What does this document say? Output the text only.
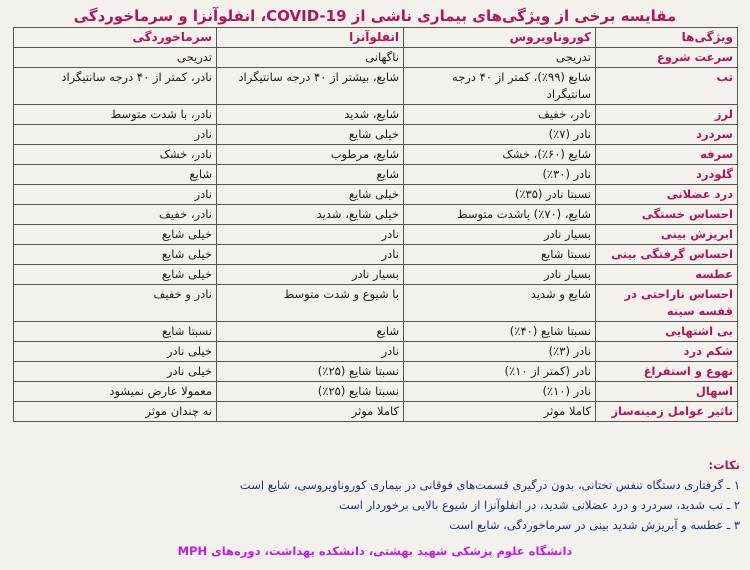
مقایسه برخی از ویژگی‌های بیماری ناشی از COVID-19، انفلوآنزا و سرماخوردگی
ویژگی‌ها	کوروناویروس	انفلوآنزا	سرماخوردگی
سرعت شروع	تدریجی	ناگهانی	تدریجی
تب	شایع (۹۹٪)، کمتر از ۴۰ درجه سانتیگراد	شایع، بیشتر از ۴۰ درجه سانتیگراد	نادر، کمتر از ۴۰ درجه سانتیگراد
لرز	نادر، خفیف	شایع، شدید	نادر، با شدت متوسط
سردرد	نادر (۷٪)	خیلی شایع	نادر
سرفه	شایع (۶۰٪)، خشک	شایع، مرطوب	نادر، خشک
گلودرد	نادر (۳۰٪)	شایع	شایع
درد عضلانی	نسبتا نادر (۳۵٪)	خیلی شایع	نادر
احساس خستگی	شایع، (۷۰٪) باشدت متوسط	خیلی شایع، شدید	نادر، خفیف
ابریزش بینی	بسیار نادر	نادر	خیلی شایع
احساس گرفتگی بینی	نسبتا شایع	نادر	خیلی شایع
عطسه	بسیار نادر	بسیار نادر	خیلی شایع
احساس ناراحتی در قفسه سینه	شایع و شدید	با شیوع و شدت متوسط	نادر و خفیف
بی اشتهایی	نسبتا شایع (۴۰٪)	شایع	نسبتا شایع
شکم درد	نادر (۳٪)	نادر	خیلی نادر
تهوع و استفراغ	نادر (کمتر از ۱۰٪)	نسبتا شایع (۲۵٪)	خیلی نادر
اسهال	نادر (۱۰٪)	نسبتا شایع (۲۵٪)	معمولا عارض نمیشود
تاثیر عوامل زمینه‌ساز	کاملا موثر	کاملا موثر	نه چندان موثر
نکات:
۱ ـ گرفتاری دستگاه تنفس تحتانی، بدون درگیری قسمت‌های فوقانی در بیماری کوروناویروسی، شایع است
۲ ـ تب شدید، سردرد و درد عضلانی شدید، در انفلوآنزا از شیوع بالایی برخوردار است
۳ ـ عطسه و آبریزش شدید بینی در سرماخوردگی، شایع است
دانشگاه علوم پزشکی شهید بهشتی، دانشکده بهداشت، دوره‌های MPH
